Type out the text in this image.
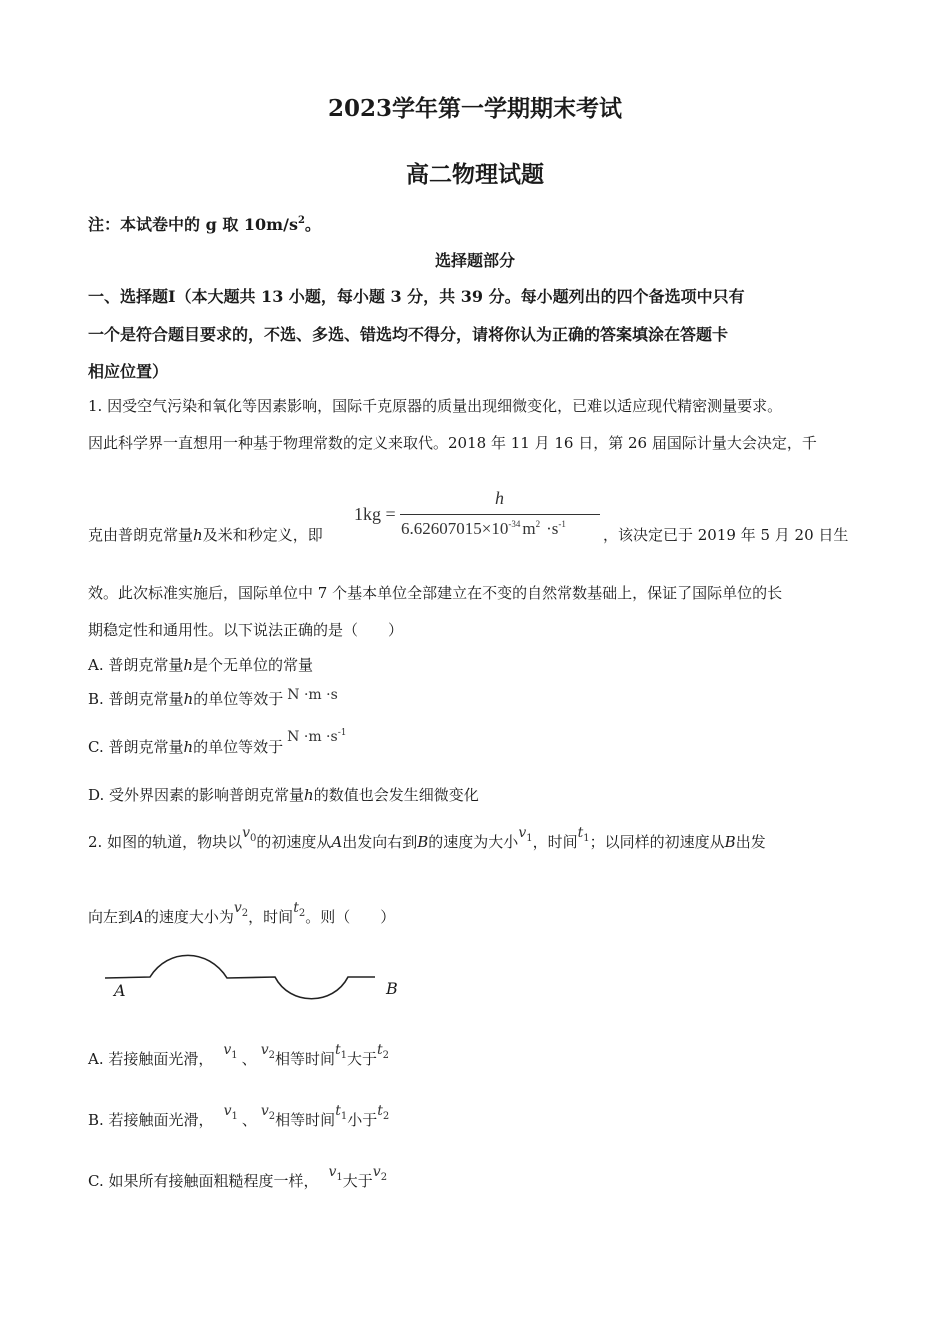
2023学年第一学期期末考试
高二物理试题
注：本试卷中的 g 取 $10m/s^2$。
选择题部分
一、选择题Ⅰ（本大题共 13 小题，每小题 3 分，共 39 分。每小题列出的四个备选项中只有
一个是符合题目要求的，不选、多选、错选均不得分，请将你认为正确的答案填涂在答题卡
相应位置）
1. 因受空气污染和氧化等因素影响，国际千克原器的质量出现细微变化，已难以适应现代精密测量要求。
因此科学界一直想用一种基于物理常数的定义来取代。2018 年 11 月 16 日，第 26 届国际计量大会决定，千
克由普朗克常量h及米和秒定义，即
1kg =
h
$6.62607015\times 10^{-34}$ $m^2 \cdot s^{-1}$
，该决定已于 2019 年 5 月 20 日生
效。此次标准实施后，国际单位中 7 个基本单位全部建立在不变的自然常数基础上，保证了国际单位的长
期稳定性和通用性。以下说法正确的是（　　）
A. 普朗克常量h是个无单位的常量
B. 普朗克常量h的单位等效于 N ·m ·s
C. 普朗克常量h的单位等效于$N \cdot m \cdot s^{-1}$
D. 受外界因素的影响普朗克常量h的数值也会发生细微变化
2. 如图的轨道，物块以$v_0$的初速度从A出发向右到B的速度为大小$v_1$，时间$t_1$；以同样的初速度从B出发
向左到A的速度大小为$v_2$，时间$t_2$。则（　　）
A	B
A. 若接触面光滑， $v_1$ 、 $v_2$相等时间$t_1$大于$t_2$
B. 若接触面光滑， $v_1$ 、 $v_2$相等时间$t_1$小于$t_2$
C. 如果所有接触面粗糙程度一样， $v_1$大于$v_2$
